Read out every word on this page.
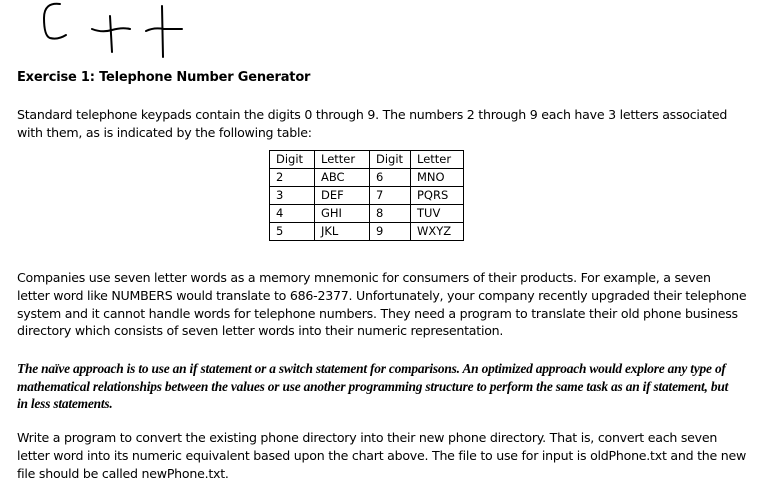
Exercise 1: Telephone Number Generator
Standard telephone keypads contain the digits 0 through 9. The numbers 2 through 9 each have 3 letters associated with them, as is indicated by the following table:
Digit	Letter	Digit	Letter
2	ABC	6	MNO
3	DEF	7	PQRS
4	GHI	8	TUV
5	JKL	9	WXYZ
Companies use seven letter words as a memory mnemonic for consumers of their products. For example, a seven letter word like NUMBERS would translate to 686-2377. Unfortunately, your company recently upgraded their telephone system and it cannot handle words for telephone numbers. They need a program to translate their old phone business directory which consists of seven letter words into their numeric representation.
The naïve approach is to use an if statement or a switch statement for comparisons. An optimized approach would explore any type of mathematical relationships between the values or use another programming structure to perform the same task as an if statement, but in less statements.
Write a program to convert the existing phone directory into their new phone directory. That is, convert each seven letter word into its numeric equivalent based upon the chart above. The file to use for input is oldPhone.txt and the new file should be called newPhone.txt.
